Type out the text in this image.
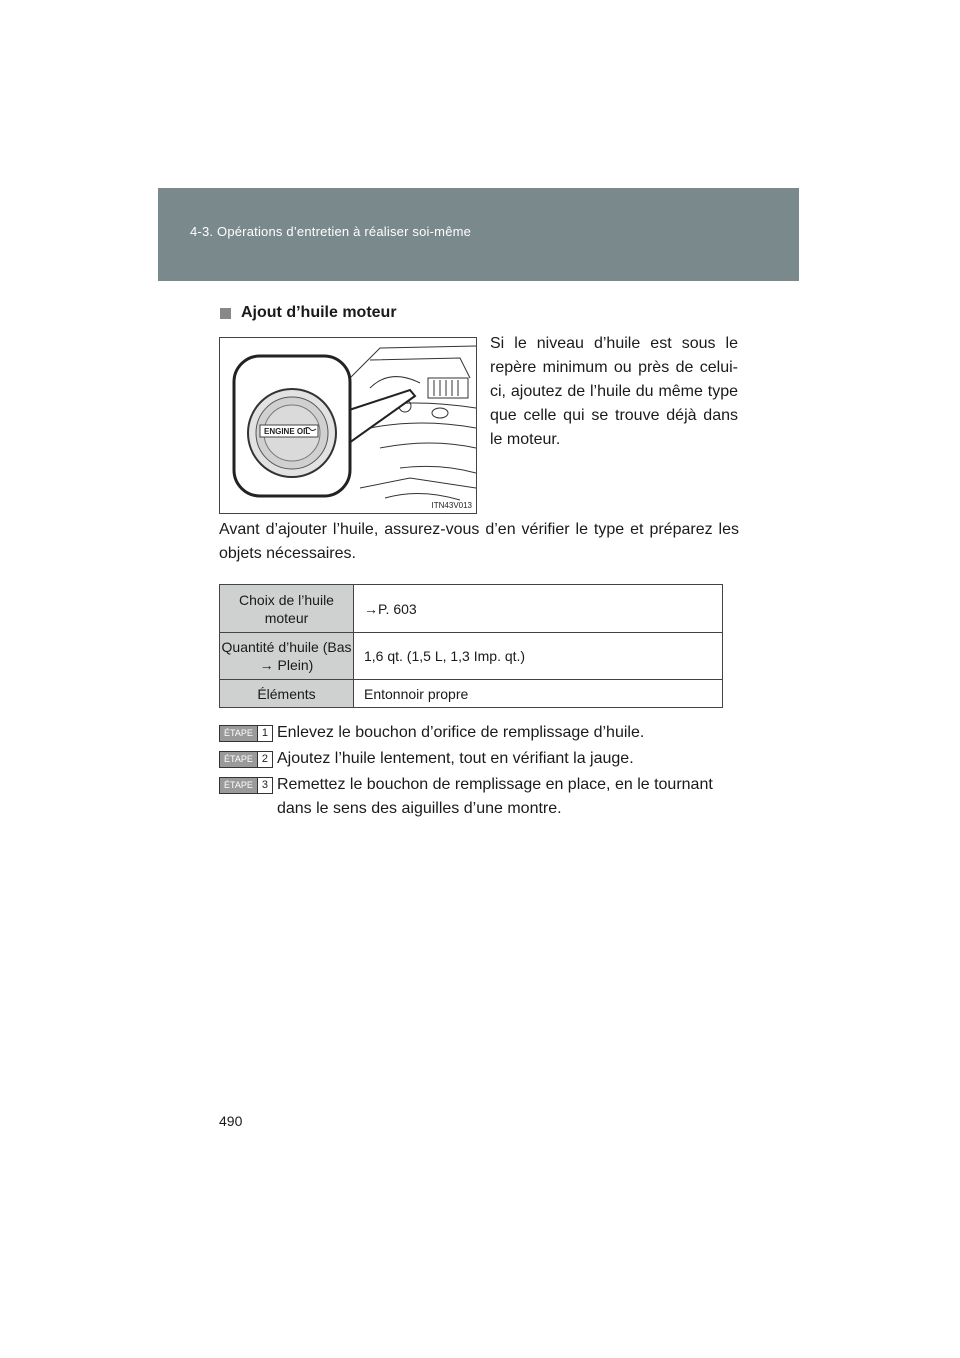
4-3. Opérations d’entretien à réaliser soi-même
Ajout d’huile moteur
ENGINE OIL
ITN43V013
Si le niveau d’huile est sous le repère minimum ou près de celui-ci, ajoutez de l’huile du même type que celle qui se trouve déjà dans le moteur.
Avant d’ajouter l’huile, assurez-vous d’en vérifier le type et préparez les objets nécessaires.
Choix de l’huile moteur	→P. 603
Quantité d’huile (Bas → Plein)	1,6 qt. (1,5 L, 1,3 Imp. qt.)
Éléments	Entonnoir propre
ÉTAPE 1 Enlevez le bouchon d’orifice de remplissage d’huile.
ÉTAPE 2 Ajoutez l’huile lentement, tout en vérifiant la jauge.
ÉTAPE 3 Remettez le bouchon de remplissage en place, en le tournant dans le sens des aiguilles d’une montre.
490
